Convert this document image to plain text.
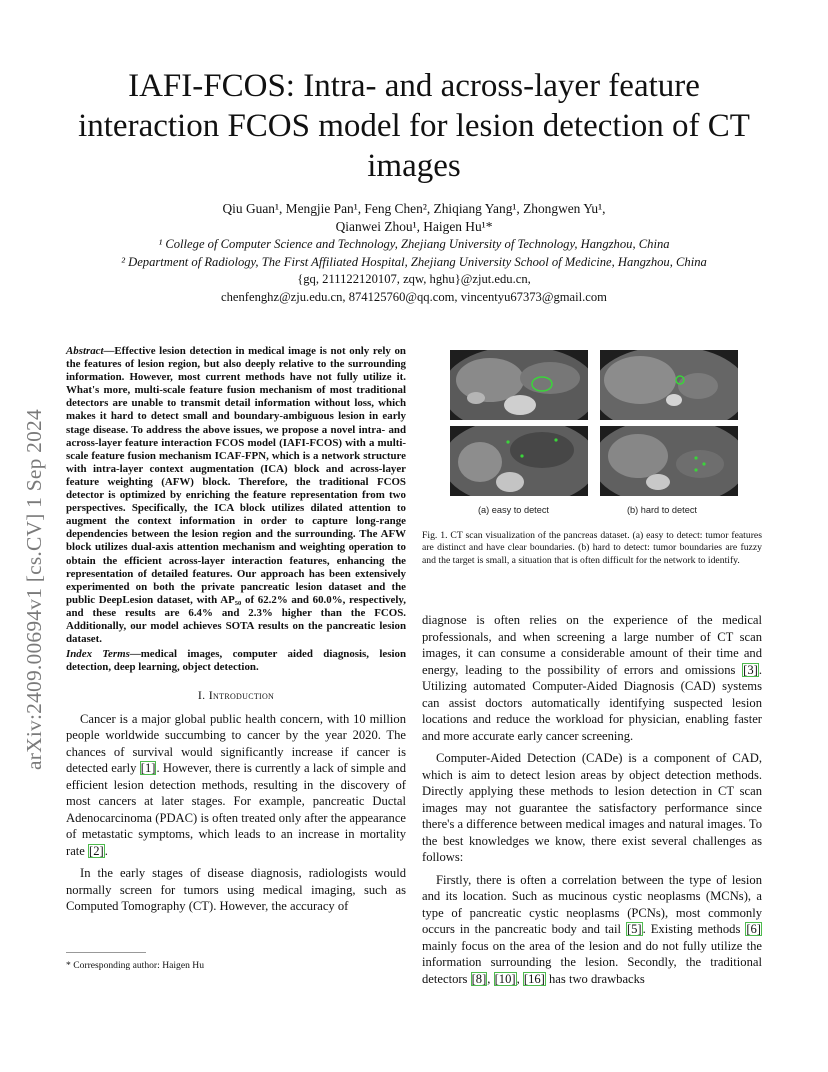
arXiv:2409.00694v1 [cs.CV] 1 Sep 2024
IAFI-FCOS: Intra- and across-layer feature interaction FCOS model for lesion detection of CT images
Qiu Guan¹, Mengjie Pan¹, Feng Chen², Zhiqiang Yang¹, Zhongwen Yu¹,
Qianwei Zhou¹, Haigen Hu¹*
¹ College of Computer Science and Technology, Zhejiang University of Technology, Hangzhou, China
² Department of Radiology, The First Affiliated Hospital, Zhejiang University School of Medicine, Hangzhou, China
{gq, 211122120107, zqw, hghu}@zjut.edu.cn,
chenfenghz@zju.edu.cn, 874125760@qq.com, vincentyu67373@gmail.com

Abstract—Effective lesion detection in medical image is not only rely on the features of lesion region, but also deeply relative to the surrounding information. However, most current methods have not fully utilize it. What's more, multi-scale feature fusion mechanism of most traditional detectors are unable to transmit detail information without loss, which makes it hard to detect small and boundary-ambiguous lesion in early stage disease. To address the above issues, we propose a novel intra- and across-layer feature interaction FCOS model (IAFI-FCOS) with a multi-scale feature fusion mechanism ICAF-FPN, which is a network structure with intra-layer context augmentation (ICA) block and across-layer feature weighting (AFW) block. Therefore, the traditional FCOS detector is optimized by enriching the feature representation from two perspectives. Specifically, the ICA block utilizes dilated attention to augment the context information in order to capture long-range dependencies between the lesion region and the surrounding. The AFW block utilizes dual-axis attention mechanism and weighting operation to obtain the efficient across-layer interaction features, enhancing the representation of detailed features. Our approach has been extensively experimented on both the private pancreatic lesion dataset and the public DeepLesion dataset, with AP₅₀ of 62.2% and 60.0%, respectively, and these results are 6.4% and 2.3% higher than the FCOS. Additionally, our model achieves SOTA results on the pancreatic lesion dataset.

Index Terms—medical images, computer aided diagnosis, lesion detection, deep learning, object detection.

I. Introduction

Cancer is a major global public health concern, with 10 million people worldwide succumbing to cancer by the year 2020. The chances of survival would significantly increase if cancer is detected early [1]. However, there is currently a lack of simple and efficient lesion detection methods, resulting in the discovery of most cancers at later stages. For example, pancreatic Ductal Adenocarcinoma (PDAC) is often treated only after the appearance of metastatic symptoms, which leads to an increase in mortality rate [2].

In the early stages of disease diagnosis, radiologists would normally screen for tumors using medical imaging, such as Computed Tomography (CT). However, the accuracy of

* Corresponding author: Haigen Hu
(a) easy to detect	(b) hard to detect
Fig. 1. CT scan visualization of the pancreas dataset. (a) easy to detect: tumor features are distinct and have clear boundaries. (b) hard to detect: tumor boundaries are fuzzy and the target is small, a situation that is often difficult for the network to identify.

diagnose is often relies on the experience of the medical professionals, and when screening a large number of CT scan images, it can consume a considerable amount of their time and energy, leading to the possibility of errors and omissions [3]. Utilizing automated Computer-Aided Diagnosis (CAD) systems can assist doctors automatically identifying suspected lesion locations and reduce the workload for physician, enabling faster and more accurate early cancer screening.

Computer-Aided Detection (CADe) is a component of CAD, which is aim to detect lesion areas by object detection methods. Directly applying these methods to lesion detection in CT scan images may not guarantee the satisfactory performance since there's a difference between medical images and natural images. To the best knowledges we know, there exist several challenges as follows:

Firstly, there is often a correlation between the type of lesion and its location. Such as mucinous cystic neoplasms (MCNs), a type of pancreatic cystic neoplasms (PCNs), most commonly occurs in the pancreatic body and tail [5]. Existing methods [6] mainly focus on the area of the lesion and do not fully utilize the information surrounding the lesion. Secondly, the traditional detectors [8], [10], [16] has two drawbacks
